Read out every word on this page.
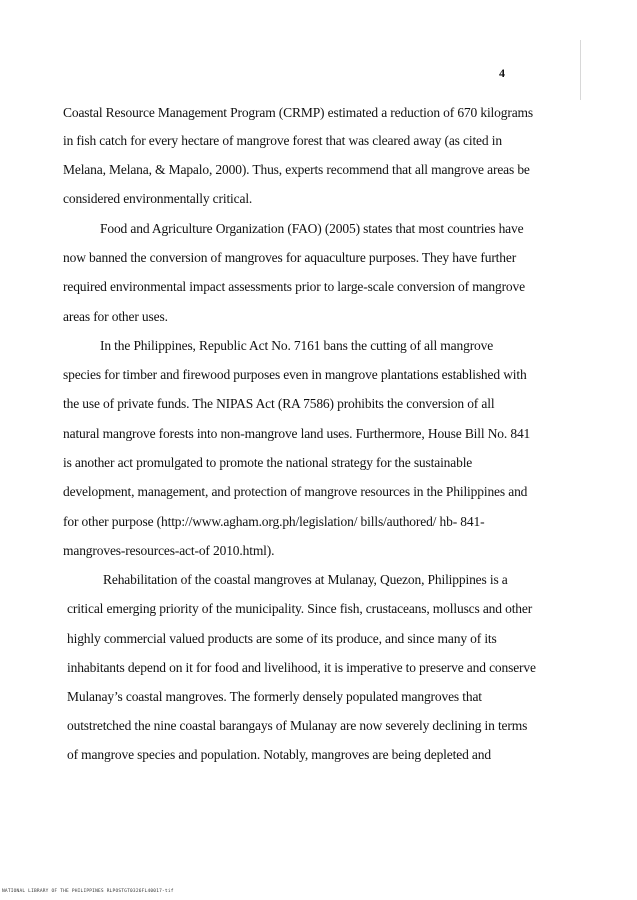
4
Coastal Resource Management Program (CRMP) estimated a reduction of 670 kilograms
in fish catch for every hectare of mangrove forest that was cleared away (as cited in
Melana, Melana, & Mapalo, 2000). Thus, experts recommend that all mangrove areas be
considered environmentally critical.
Food and Agriculture Organization (FAO) (2005) states that most countries have
now banned the conversion of mangroves for aquaculture purposes. They have further
required environmental impact assessments prior to large-scale conversion of mangrove
areas for other uses.
In the Philippines, Republic Act No. 7161 bans the cutting of all mangrove
species for timber and firewood purposes even in mangrove plantations established with
the use of private funds. The NIPAS Act (RA 7586) prohibits the conversion of all
natural mangrove forests into non-mangrove land uses. Furthermore, House Bill No. 841
is another act promulgated to promote the national strategy for the sustainable
development, management, and protection of mangrove resources in the Philippines and
for other purpose (http://www.agham.org.ph/legislation/ bills/authored/ hb- 841-
mangroves-resources-act-of 2010.html).
Rehabilitation of the coastal mangroves at Mulanay, Quezon, Philippines is a
critical emerging priority of the municipality. Since fish, crustaceans, molluscs and other
highly commercial valued products are some of its produce, and since many of its
inhabitants depend on it for food and livelihood, it is imperative to preserve and conserve
Mulanay’s coastal mangroves. The formerly densely populated mangroves that
outstretched the nine coastal barangays of Mulanay are now severely declining in terms
of mangrove species and population. Notably, mangroves are being depleted and
NATIONAL LIBRARY OF THE PHILIPPINES RLPOSTGT0326FL40017-tif
